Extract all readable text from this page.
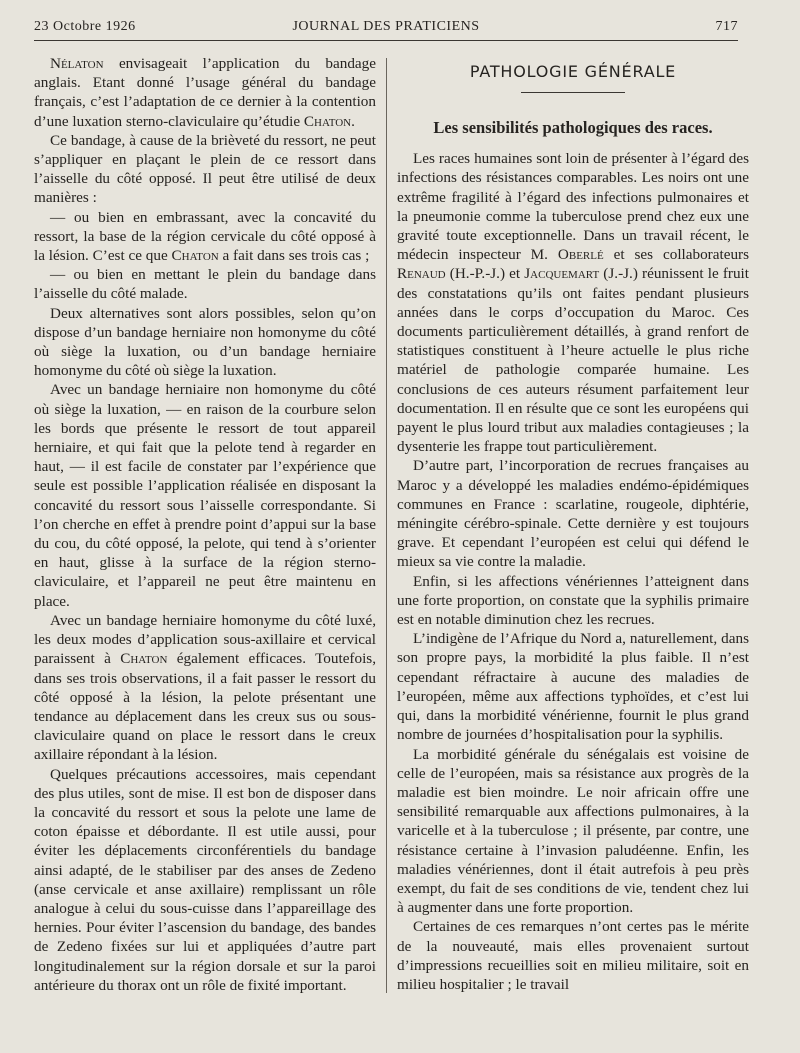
23 Octobre 1926	JOURNAL DES PRATICIENS	717

Nélaton envisageait l’application du bandage anglais. Etant donné l’usage général du bandage français, c’est l’adaptation de ce dernier à la contention d’une luxation sterno-claviculaire qu’étudie Chaton.

Ce bandage, à cause de la brièveté du ressort, ne peut s’appliquer en plaçant le plein de ce ressort dans l’aisselle du côté opposé. Il peut être utilisé de deux manières :

— ou bien en embrassant, avec la concavité du ressort, la base de la région cervicale du côté opposé à la lésion. C’est ce que Chaton a fait dans ses trois cas ;

— ou bien en mettant le plein du bandage dans l’aisselle du côté malade.

Deux alternatives sont alors possibles, selon qu’on dispose d’un bandage herniaire non homonyme du côté où siège la luxation, ou d’un bandage herniaire homonyme du côté où siège la luxation.

Avec un bandage herniaire non homonyme du côté où siège la luxation, — en raison de la courbure selon les bords que présente le ressort de tout appareil herniaire, et qui fait que la pelote tend à regarder en haut, — il est facile de constater par l’expérience que seule est possible l’application réalisée en disposant la concavité du ressort sous l’aisselle correspondante. Si l’on cherche en effet à prendre point d’appui sur la base du cou, du côté opposé, la pelote, qui tend à s’orienter en haut, glisse à la surface de la région sterno-claviculaire, et l’appareil ne peut être maintenu en place.

Avec un bandage herniaire homonyme du côté luxé, les deux modes d’application sous-axillaire et cervical paraissent à Chaton également efficaces. Toutefois, dans ses trois observations, il a fait passer le ressort du côté opposé à la lésion, la pelote présentant une tendance au déplacement dans les creux sus ou sous-claviculaire quand on place le ressort dans le creux axillaire répondant à la lésion.

Quelques précautions accessoires, mais cependant des plus utiles, sont de mise. Il est bon de disposer dans la concavité du ressort et sous la pelote une lame de coton épaisse et débordante. Il est utile aussi, pour éviter les déplacements circonférentiels du bandage ainsi adapté, de le stabiliser par des anses de Zedeno (anse cervicale et anse axillaire) remplissant un rôle analogue à celui du sous-cuisse dans l’appareillage des hernies. Pour éviter l’ascension du bandage, des bandes de Zedeno fixées sur lui et appliquées d’autre part longitudinalement sur la région dorsale et sur la paroi antérieure du thorax ont un rôle de fixité important.

PATHOLOGIE GÉNÉRALE
Les sensibilités pathologiques des races.

Les races humaines sont loin de présenter à l’égard des infections des résistances comparables. Les noirs ont une extrême fragilité à l’égard des infections pulmonaires et la pneumonie comme la tuberculose prend chez eux une gravité toute exceptionnelle. Dans un travail récent, le médecin inspecteur M. Oberlé et ses collaborateurs Renaud (H.-P.-J.) et Jacquemart (J.-J.) réunissent le fruit des constatations qu’ils ont faites pendant plusieurs années dans le corps d’occupation du Maroc. Ces documents particulièrement détaillés, à grand renfort de statistiques constituent à l’heure actuelle le plus riche matériel de pathologie comparée humaine. Les conclusions de ces auteurs résument parfaitement leur documentation. Il en résulte que ce sont les européens qui payent le plus lourd tribut aux maladies contagieuses ; la dysenterie les frappe tout particulièrement.

D’autre part, l’incorporation de recrues françaises au Maroc y a développé les maladies endémo-épidémiques communes en France : scarlatine, rougeole, diphtérie, méningite cérébro-spinale. Cette dernière y est toujours grave. Et cependant l’européen est celui qui défend le mieux sa vie contre la maladie.

Enfin, si les affections vénériennes l’atteignent dans une forte proportion, on constate que la syphilis primaire est en notable diminution chez les recrues.

L’indigène de l’Afrique du Nord a, naturellement, dans son propre pays, la morbidité la plus faible. Il n’est cependant réfractaire à aucune des maladies de l’européen, même aux affections typhoïdes, et c’est lui qui, dans la morbidité vénérienne, fournit le plus grand nombre de journées d’hospitalisation pour la syphilis.

La morbidité générale du sénégalais est voisine de celle de l’européen, mais sa résistance aux progrès de la maladie est bien moindre. Le noir africain offre une sensibilité remarquable aux affections pulmonaires, à la varicelle et à la tuberculose ; il présente, par contre, une résistance certaine à l’invasion paludéenne. Enfin, les maladies vénériennes, dont il était autrefois à peu près exempt, du fait de ses conditions de vie, tendent chez lui à augmenter dans une forte proportion.

Certaines de ces remarques n’ont certes pas le mérite de la nouveauté, mais elles provenaient surtout d’impressions recueillies soit en milieu militaire, soit en milieu hospitalier ; le travail
